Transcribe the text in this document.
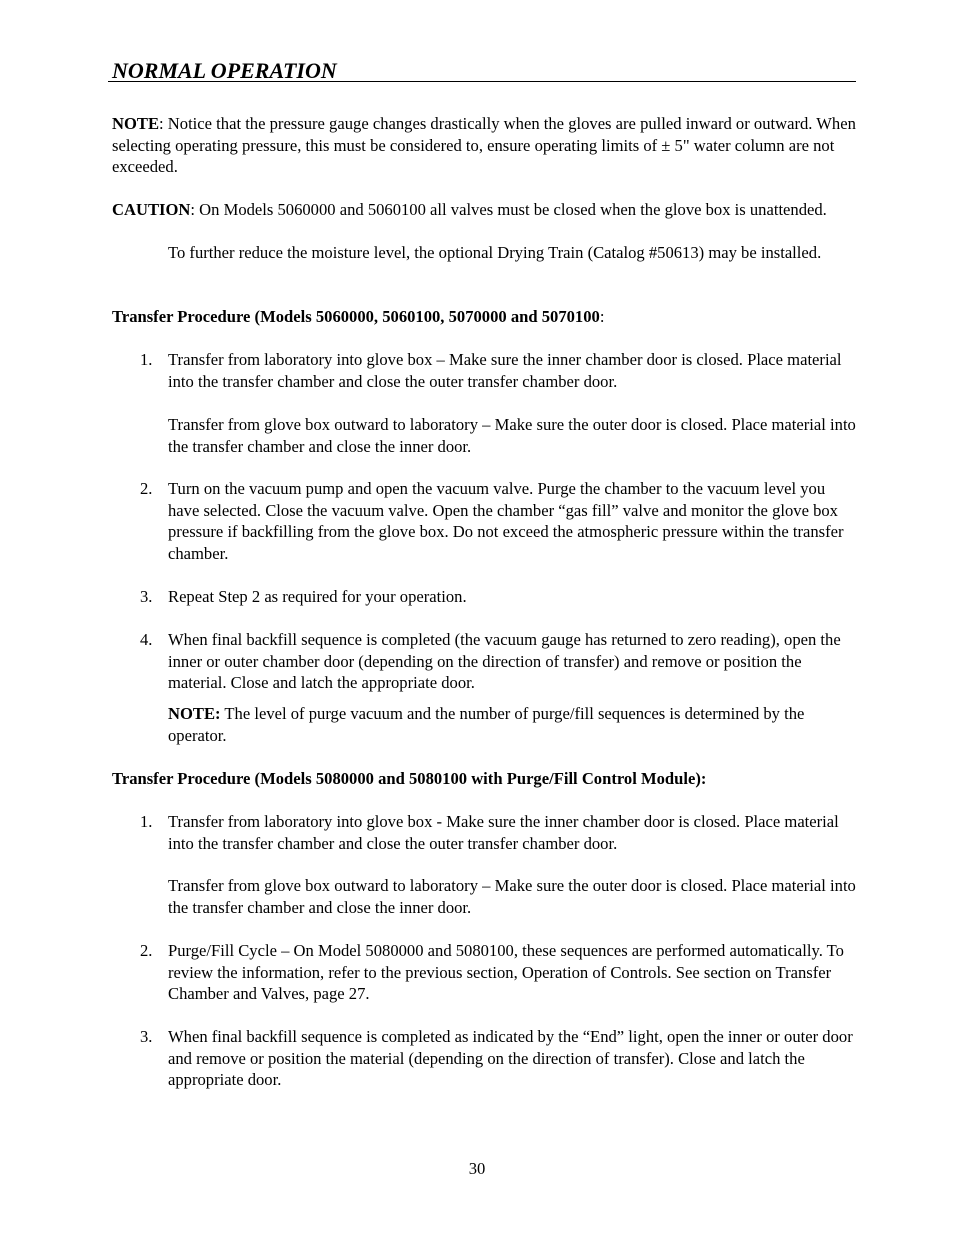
NORMAL OPERATION

NOTE: Notice that the pressure gauge changes drastically when the gloves are pulled inward or outward. When selecting operating pressure, this must be considered to, ensure operating limits of ± 5" water column are not exceeded.

CAUTION: On Models 5060000 and 5060100 all valves must be closed when the glove box is unattended.

To further reduce the moisture level, the optional Drying Train (Catalog #50613) may be installed.

Transfer Procedure (Models 5060000, 5060100, 5070000 and 5070100:

1. Transfer from laboratory into glove box – Make sure the inner chamber door is closed. Place material into the transfer chamber and close the outer transfer chamber door.

Transfer from glove box outward to laboratory – Make sure the outer door is closed. Place material into the transfer chamber and close the inner door.

2. Turn on the vacuum pump and open the vacuum valve. Purge the chamber to the vacuum level you have selected. Close the vacuum valve. Open the chamber “gas fill” valve and monitor the glove box pressure if backfilling from the glove box. Do not exceed the atmospheric pressure within the transfer chamber.

3. Repeat Step 2 as required for your operation.

4. When final backfill sequence is completed (the vacuum gauge has returned to zero reading), open the inner or outer chamber door (depending on the direction of transfer) and remove or position the material. Close and latch the appropriate door.

NOTE: The level of purge vacuum and the number of purge/fill sequences is determined by the operator.

Transfer Procedure (Models 5080000 and 5080100 with Purge/Fill Control Module):

1. Transfer from laboratory into glove box - Make sure the inner chamber door is closed. Place material into the transfer chamber and close the outer transfer chamber door.

Transfer from glove box outward to laboratory – Make sure the outer door is closed. Place material into the transfer chamber and close the inner door.

2. Purge/Fill Cycle – On Model 5080000 and 5080100, these sequences are performed automatically. To review the information, refer to the previous section, Operation of Controls. See section on Transfer Chamber and Valves, page 27.

3. When final backfill sequence is completed as indicated by the “End” light, open the inner or outer door and remove or position the material (depending on the direction of transfer). Close and latch the appropriate door.

30
